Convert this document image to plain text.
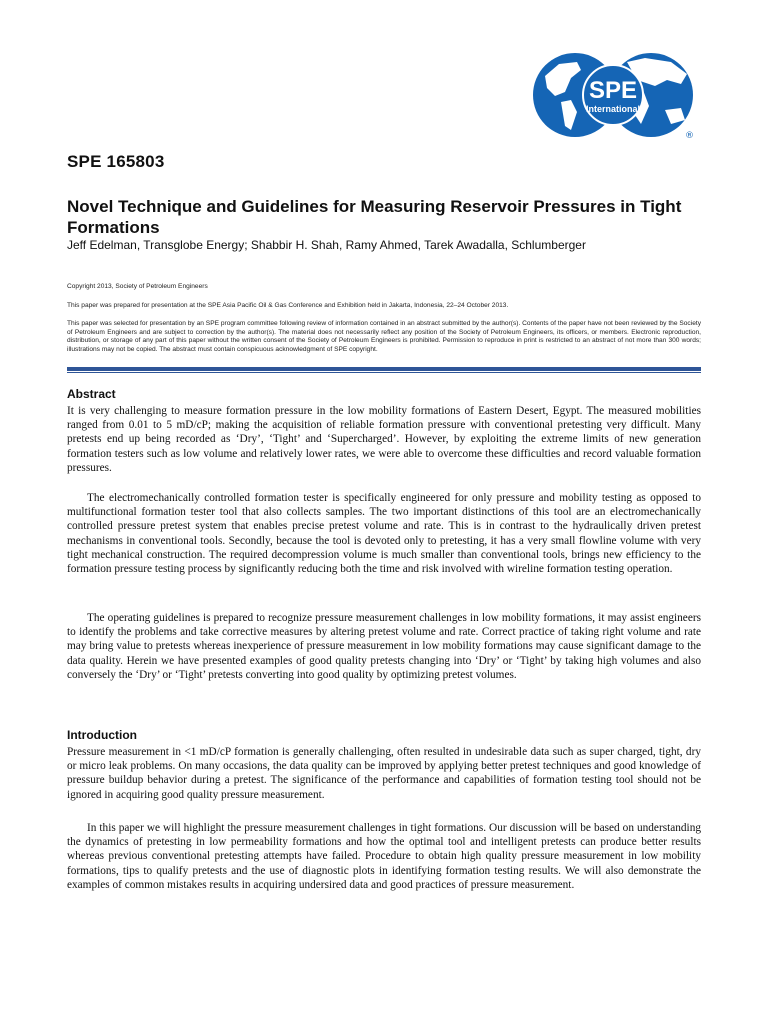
SPE
International
®
SPE 165803
Novel Technique and Guidelines for Measuring Reservoir Pressures in Tight Formations

Jeff Edelman, Transglobe Energy; Shabbir H. Shah, Ramy Ahmed, Tarek Awadalla, Schlumberger

Copyright 2013, Society of Petroleum Engineers

This paper was prepared for presentation at the SPE Asia Pacific Oil & Gas Conference and Exhibition held in Jakarta, Indonesia, 22–24 October 2013.

This paper was selected for presentation by an SPE program committee following review of information contained in an abstract submitted by the author(s). Contents of the paper have not been reviewed by the Society of Petroleum Engineers and are subject to correction by the author(s). The material does not necessarily reflect any position of the Society of Petroleum Engineers, its officers, or members. Electronic reproduction, distribution, or storage of any part of this paper without the written consent of the Society of Petroleum Engineers is prohibited. Permission to reproduce in print is restricted to an abstract of not more than 300 words; illustrations may not be copied. The abstract must contain conspicuous acknowledgment of SPE copyright.

Abstract

It is very challenging to measure formation pressure in the low mobility formations of Eastern Desert, Egypt. The measured mobilities ranged from 0.01 to 5 mD/cP; making the acquisition of reliable formation pressure with conventional pretesting very difficult. Many pretests end up being recorded as ‘Dry’, ‘Tight’ and ‘Supercharged’. However, by exploiting the extreme limits of new generation formation testers such as low volume and relatively lower rates, we were able to overcome these difficulties and record valuable formation pressures.

The electromechanically controlled formation tester is specifically engineered for only pressure and mobility testing as opposed to multifunctional formation tester tool that also collects samples. The two important distinctions of this tool are an electromechanically controlled pressure pretest system that enables precise pretest volume and rate. This is in contrast to the hydraulically driven pretest mechanisms in conventional tools. Secondly, because the tool is devoted only to pretesting, it has a very small flowline volume with very tight mechanical construction. The required decompression volume is much smaller than conventional tools, brings new efficiency to the formation pressure testing process by significantly reducing both the time and risk involved with wireline formation testing operation.

The operating guidelines is prepared to recognize pressure measurement challenges in low mobility formations, it may assist engineers to identify the problems and take corrective measures by altering pretest volume and rate. Correct practice of taking right volume and rate may bring value to pretests whereas inexperience of pressure measurement in low mobility formations may cause significant damage to the data quality. Herein we have presented examples of good quality pretests changing into ‘Dry’ or ‘Tight’ by taking high volumes and also conversely the ‘Dry’ or ‘Tight’ pretests converting into good quality by optimizing pretest volumes.

Introduction

Pressure measurement in <1 mD/cP formation is generally challenging, often resulted in undesirable data such as super charged, tight, dry or micro leak problems. On many occasions, the data quality can be improved by applying better pretest techniques and good knowledge of pressure buildup behavior during a pretest. The significance of the performance and capabilities of formation testing tool should not be ignored in acquiring good quality pressure measurement.

In this paper we will highlight the pressure measurement challenges in tight formations. Our discussion will be based on understanding the dynamics of pretesting in low permeability formations and how the optimal tool and intelligent pretests can produce better results whereas previous conventional pretesting attempts have failed. Procedure to obtain high quality pressure measurement in low mobility formations, tips to qualify pretests and the use of diagnostic plots in identifying formation testing results. We will also demonstrate the examples of common mistakes results in acquiring undersired data and good practices of pressure measurement.
